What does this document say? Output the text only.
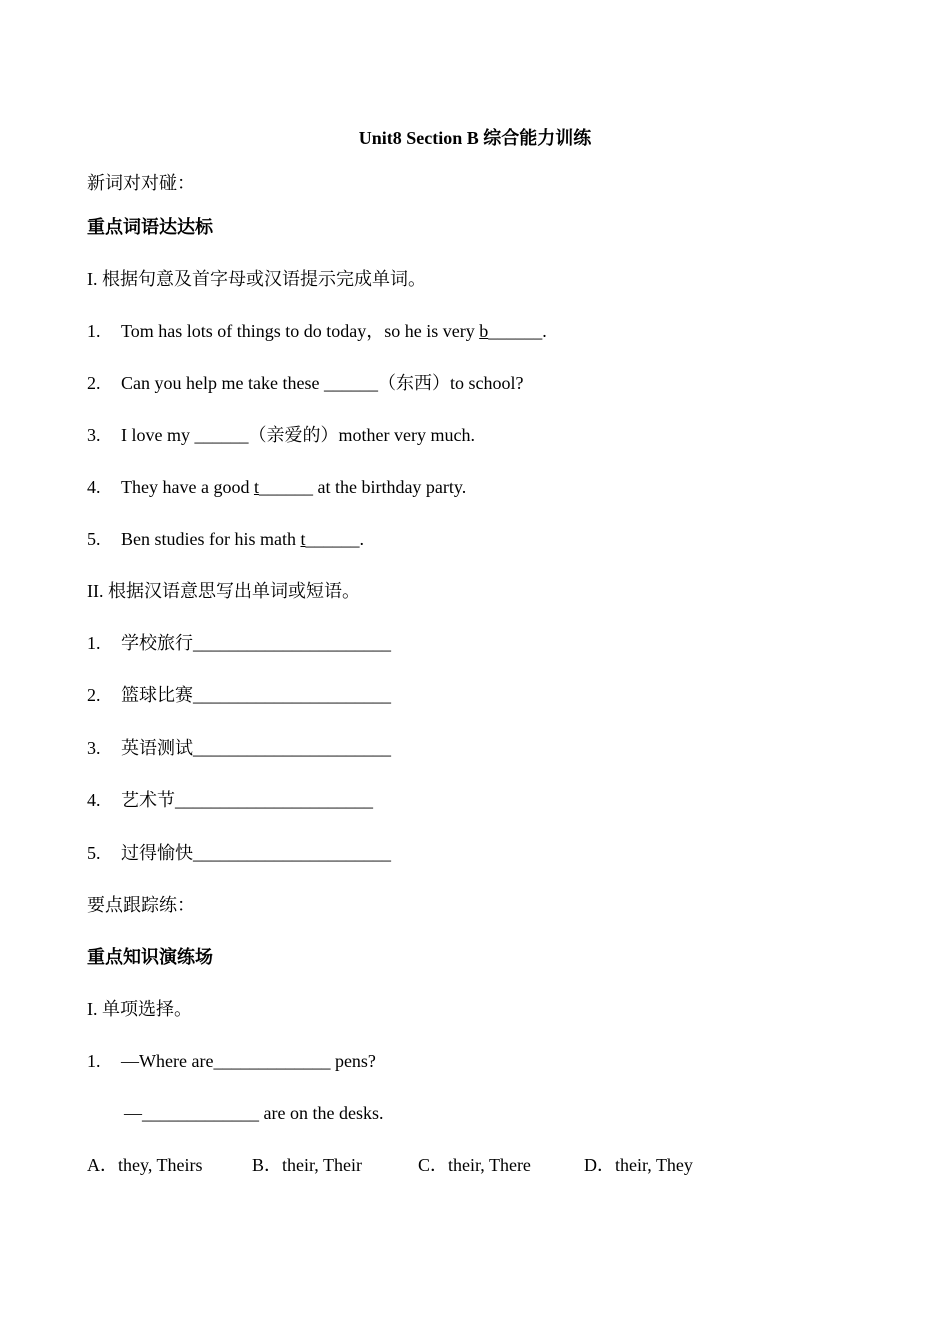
Unit8 Section B 综合能力训练
新词对对碰：
重点词语达达标
I. 根据句意及首字母或汉语提示完成单词。
1. Tom has lots of things to do today，so he is very b______.
2. Can you help me take these ______（东西）to school?
3. I love my ______（亲爱的）mother very much.
4. They have a good t______ at the birthday party.
5. Ben studies for his math t______.
II. 根据汉语意思写出单词或短语。
1. 学校旅行______________________
2. 篮球比赛______________________
3. 英语测试______________________
4. 艺术节______________________
5. 过得愉快______________________
要点跟踪练：
重点知识演练场
I. 单项选择。
1. —Where are_____________ pens?
—_____________ are on the desks.
A．they, Theirs	B．their, Their	C．their, There	D．their, They
